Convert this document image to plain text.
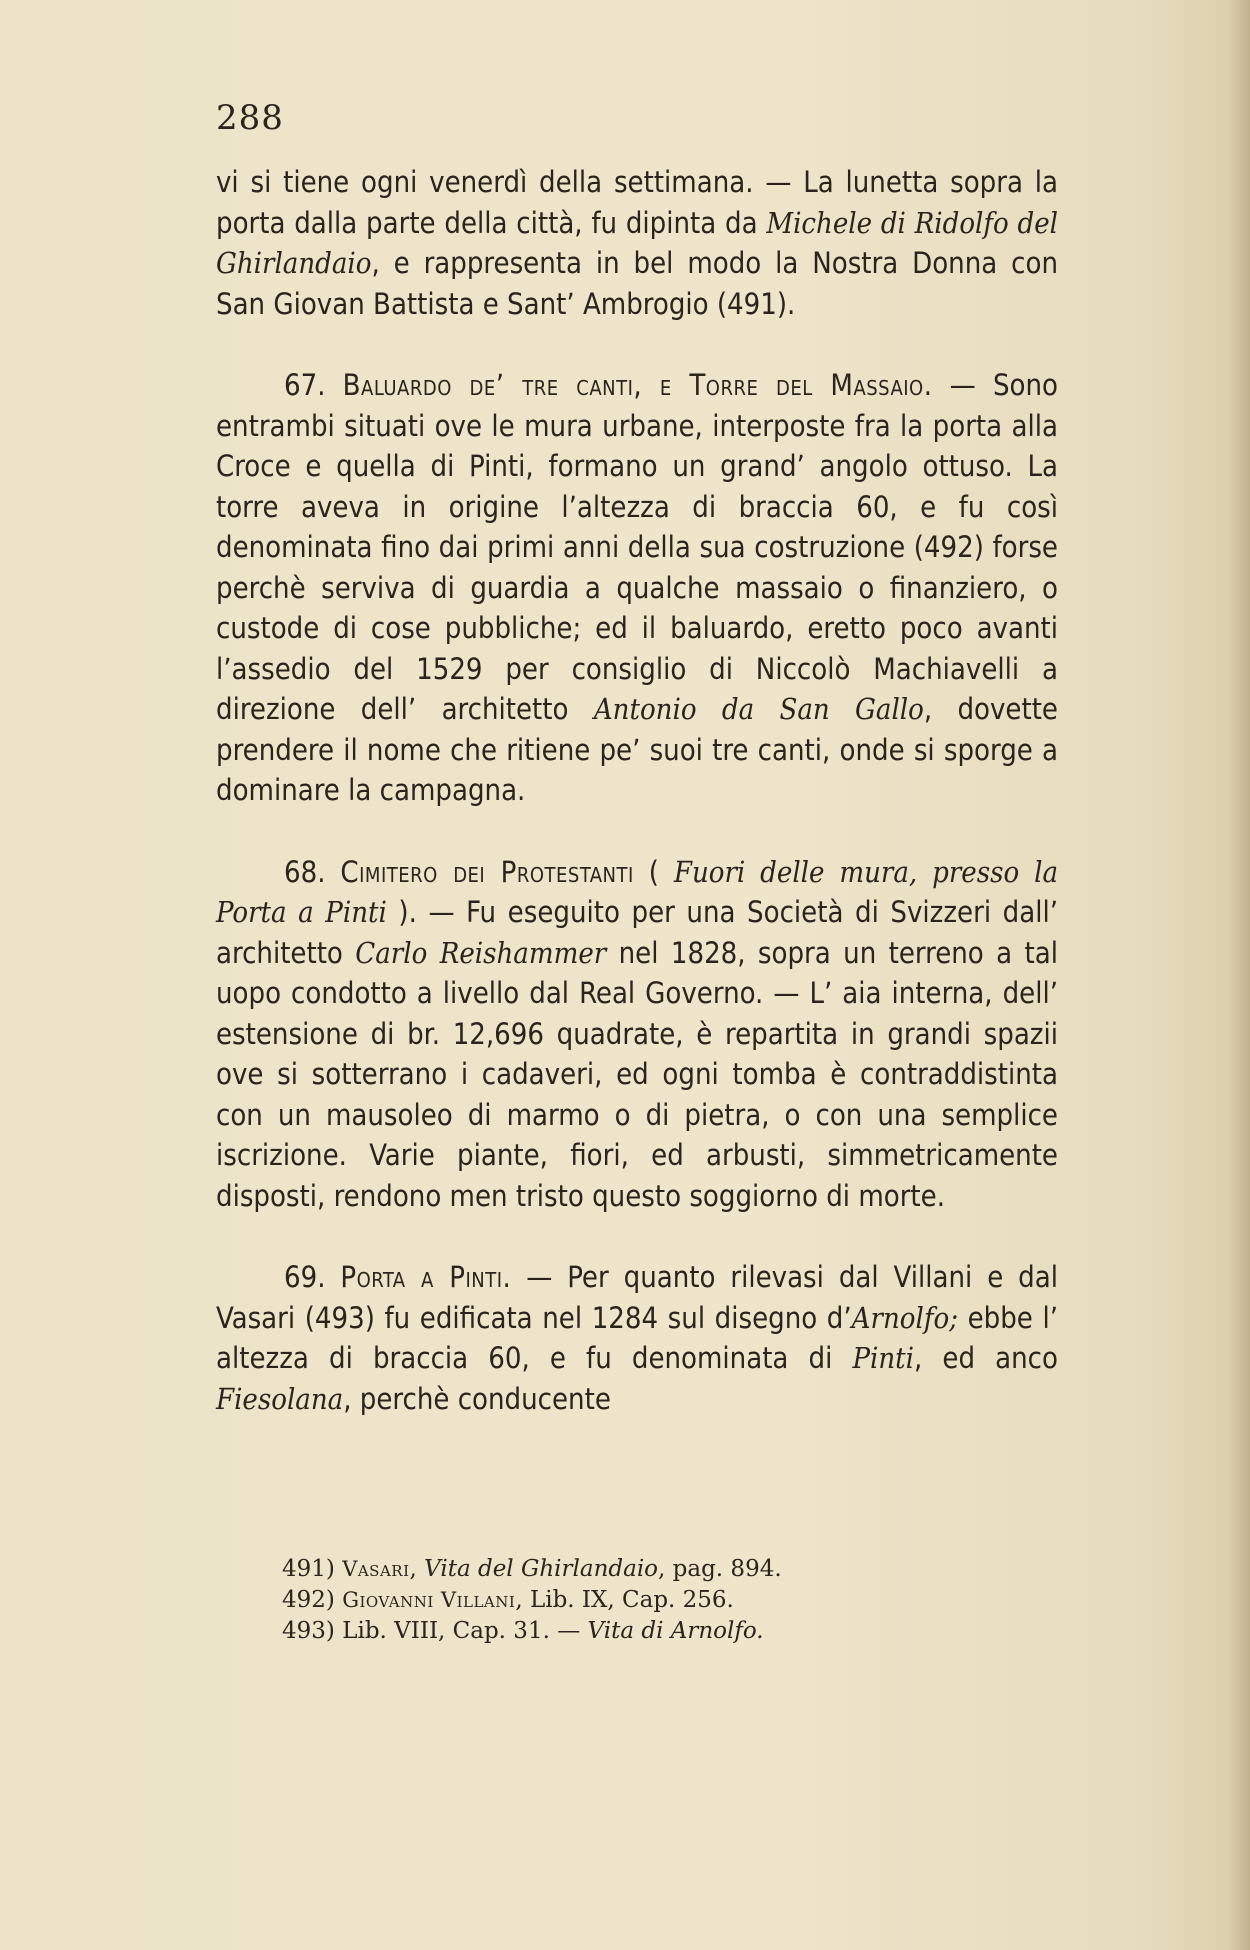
288

vi si tiene ogni venerdì della settimana. — La lunetta sopra la porta dalla parte della città, fu dipinta da Michele di Ridolfo del Ghirlandaio, e rappresenta in bel modo la Nostra Donna con San Giovan Battista e Sant’ Ambrogio (491).

67. Baluardo de’ tre canti, e Torre del Massaio. — Sono entrambi situati ove le mura urbane, interposte fra la porta alla Croce e quella di Pinti, formano un grand’ angolo ottuso. La torre aveva in origine l’altezza di braccia 60, e fu così denominata fino dai primi anni della sua costruzione (492) forse perchè serviva di guardia a qualche massaio o finanziero, o custode di cose pubbliche; ed il baluardo, eretto poco avanti l’assedio del 1529 per consiglio di Niccolò Machiavelli a direzione dell’ architetto Antonio da San Gallo, dovette prendere il nome che ritiene pe’ suoi tre canti, onde si sporge a dominare la campagna.

68. Cimitero dei Protestanti ( Fuori delle mura, presso la Porta a Pinti ). — Fu eseguito per una Società di Svizzeri dall’ architetto Carlo Reishammer nel 1828, sopra un terreno a tal uopo condotto a livello dal Real Governo. — L’ aia interna, dell’ estensione di br. 12,696 quadrate, è repartita in grandi spazii ove si sotterrano i cadaveri, ed ogni tomba è contraddistinta con un mausoleo di marmo o di pietra, o con una semplice iscrizione. Varie piante, fiori, ed arbusti, simmetricamente disposti, rendono men tristo questo soggiorno di morte.

69. Porta a Pinti. — Per quanto rilevasi dal Villani e dal Vasari (493) fu edificata nel 1284 sul disegno d’Arnolfo; ebbe l’ altezza di braccia 60, e fu denominata di Pinti, ed anco Fiesolana, perchè conducente

491) Vasari, Vita del Ghirlandaio, pag. 894.
492) Giovanni Villani, Lib. IX, Cap. 256.
493) Lib. VIII, Cap. 31. — Vita di Arnolfo.
